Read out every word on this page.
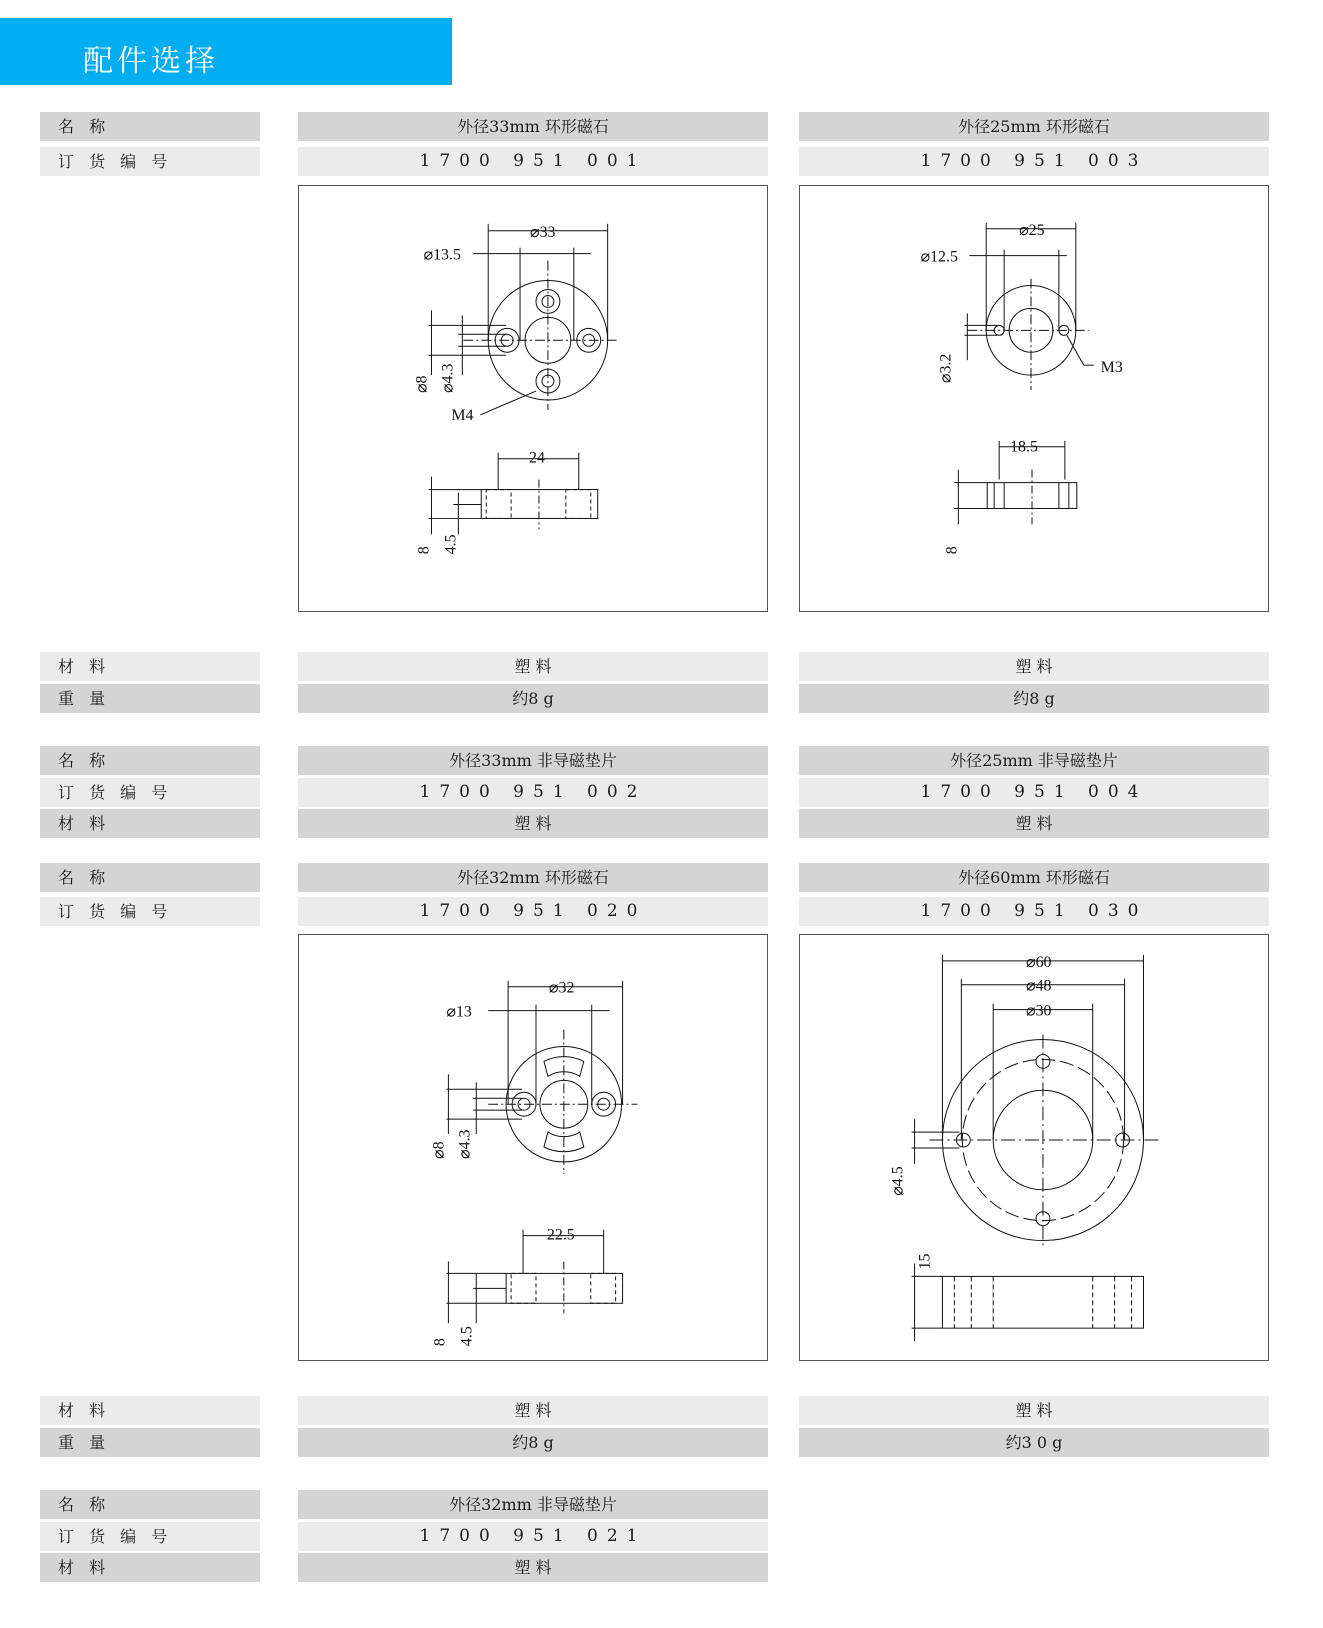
配件选择
名 称	外径33mm 环形磁石	外径25mm 环形磁石
订 货 编 号	1700 951 001	1700 951 003
⌀33
⌀13.5
⌀8 ⌀4.3
M4
24
8 4.5
⌀25
⌀12.5
⌀3.2	M3
18.5
8
材 料	塑 料	塑 料
重 量	约8 g	约8 g
名 称	外径33mm 非导磁垫片	外径25mm 非导磁垫片
订 货 编 号	1700 951 002	1700 951 004
材 料	塑 料	塑 料
名 称	外径32mm 环形磁石	外径60mm 环形磁石
订 货 编 号	1700 951 020	1700 951 030
⌀32
⌀13
⌀8 ⌀4.3
22.5
8 4.5
⌀60
⌀48
⌀30
⌀4.5
15
材 料	塑 料	塑 料
重 量	约8 g	约3 0 g
名 称	外径32mm 非导磁垫片
订 货 编 号	1700 951 021
材 料	塑 料
